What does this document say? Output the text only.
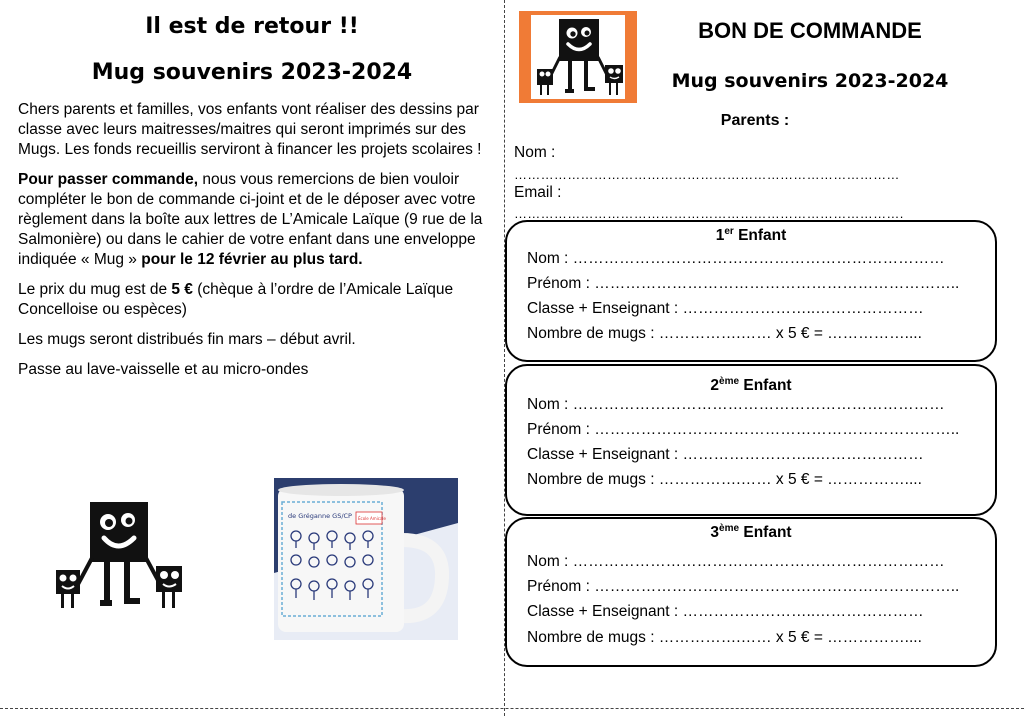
Il est de retour !!
Mug souvenirs 2023-2024

Chers parents et familles, vos enfants vont réaliser des dessins par classe avec leurs maitresses/maitres qui seront imprimés sur des Mugs. Les fonds recueillis serviront à financer les projets scolaires !

Pour passer commande, nous vous remercions de bien vouloir compléter le bon de commande ci-joint et de le déposer avec votre règlement dans la boîte aux lettres de L’Amicale Laïque (9 rue de la Salmonière) ou dans le cahier de votre enfant dans une enveloppe indiquée « Mug » pour le 12 février au plus tard.

Le prix du mug est de 5 € (chèque à l’ordre de l’Amicale Laïque Concelloise ou espèces)

Les mugs seront distribués fin mars – début avril.

Passe au lave-vaisselle et au micro-ondes

de Gréganne GS/CP École Amicale
BON DE COMMANDE
Mug souvenirs 2023-2024
Parents :
Nom :
……………………………………………………………………………
Email :
…………………………………………………………………………….
1er Enfant
Nom : ………………………………………………………………
Prénom : ……………………………………………………………..
Classe + Enseignant : ……………………..…………………
Nombre de mugs : …………….…… x 5 € = ……………....
2ème Enfant
Nom : ………………………………………………………………
Prénom : ……………………………………………………………..
Classe + Enseignant : ……………………..…………………
Nombre de mugs : …………….…… x 5 € = ……………....
3ème Enfant
Nom : ………………………………………………………………
Prénom : ……………………………………………………………..
Classe + Enseignant : ……………………..…………………
Nombre de mugs : …………….…… x 5 € = ……………....
